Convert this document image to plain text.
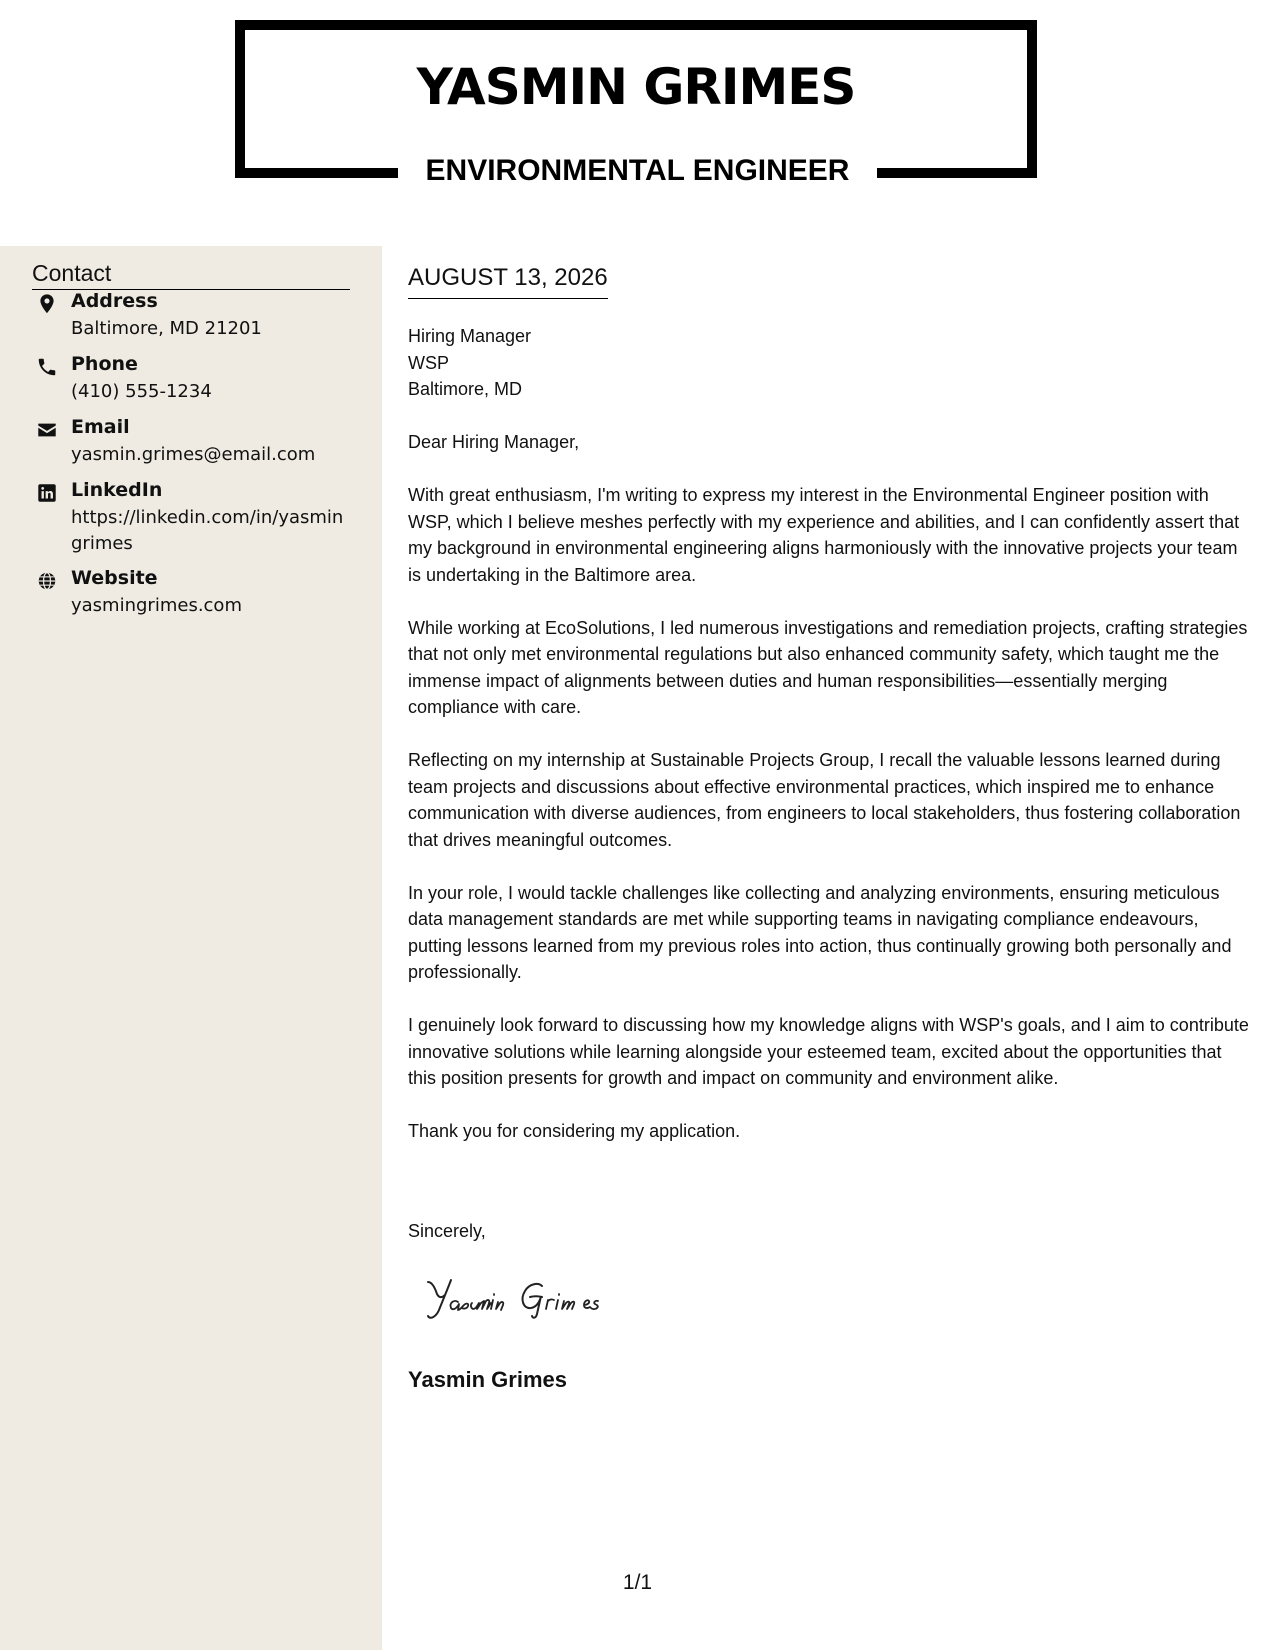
YASMIN GRIMES
ENVIRONMENTAL ENGINEER
Contact
Address
Baltimore, MD 21201
Phone
(410) 555-1234
Email
yasmin.grimes@email.com
LinkedIn
https://linkedin.com/in/yasmingrimes
Website
yasmingrimes.com
AUGUST 13, 2026
Hiring Manager
WSP
Baltimore, MD

Dear Hiring Manager,

With great enthusiasm, I'm writing to express my interest in the Environmental Engineer position with WSP, which I believe meshes perfectly with my experience and abilities, and I can confidently assert that my background in environmental engineering aligns harmoniously with the innovative projects your team is undertaking in the Baltimore area.

While working at EcoSolutions, I led numerous investigations and remediation projects, crafting strategies that not only met environmental regulations but also enhanced community safety, which taught me the immense impact of alignments between duties and human responsibilities—essentially merging compliance with care.

Reflecting on my internship at Sustainable Projects Group, I recall the valuable lessons learned during team projects and discussions about effective environmental practices, which inspired me to enhance communication with diverse audiences, from engineers to local stakeholders, thus fostering collaboration that drives meaningful outcomes.

In your role, I would tackle challenges like collecting and analyzing environments, ensuring meticulous data management standards are met while supporting teams in navigating compliance endeavours, putting lessons learned from my previous roles into action, thus continually growing both personally and professionally.

I genuinely look forward to discussing how my knowledge aligns with WSP's goals, and I aim to contribute innovative solutions while learning alongside your esteemed team, excited about the opportunities that this position presents for growth and impact on community and environment alike.

Thank you for considering my application.

Sincerely,
Yasmin Grimes
1/1
